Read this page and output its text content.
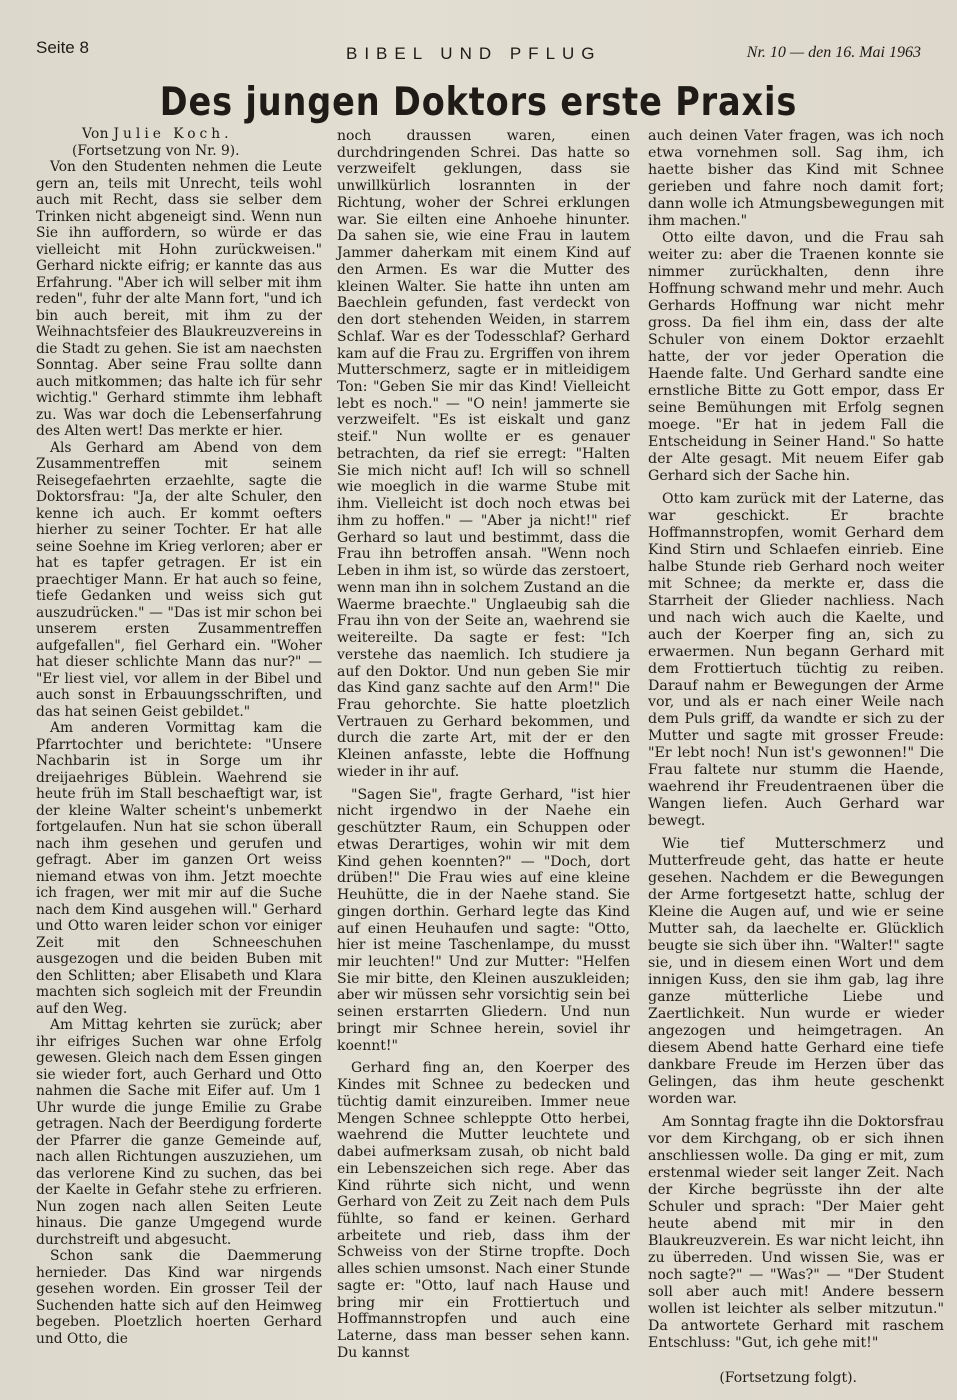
Seite 8	BIBEL UND PFLUG	Nr. 10 — den 16. Mai 1963
Des jungen Doktors erste Praxis
Von Julie Koch.
(Fortsetzung von Nr. 9).

Von den Studenten nehmen die Leute gern an, teils mit Unrecht, teils wohl auch mit Recht, dass sie selber dem Trinken nicht abgeneigt sind. Wenn nun Sie ihn auffordern, so würde er das vielleicht mit Hohn zurückweisen." Gerhard nickte eifrig; er kannte das aus Erfahrung. "Aber ich will selber mit ihm reden", fuhr der alte Mann fort, "und ich bin auch bereit, mit ihm zu der Weihnachtsfeier des Blaukreuzvereins in die Stadt zu gehen. Sie ist am naechsten Sonntag. Aber seine Frau sollte dann auch mitkommen; das halte ich für sehr wichtig." Gerhard stimmte ihm lebhaft zu. Was war doch die Lebenserfahrung des Alten wert! Das merkte er hier.

Als Gerhard am Abend von dem Zusammentreffen mit seinem Reisegefaehrten erzaehlte, sagte die Doktorsfrau: "Ja, der alte Schuler, den kenne ich auch. Er kommt oefters hierher zu seiner Tochter. Er hat alle seine Soehne im Krieg verloren; aber er hat es tapfer getragen. Er ist ein praechtiger Mann. Er hat auch so feine, tiefe Gedanken und weiss sich gut auszudrücken." — "Das ist mir schon bei unserem ersten Zusammentreffen aufgefallen", fiel Gerhard ein. "Woher hat dieser schlichte Mann das nur?" — "Er liest viel, vor allem in der Bibel und auch sonst in Erbauungsschriften, und das hat seinen Geist gebildet."

Am anderen Vormittag kam die Pfarrtochter und berichtete: "Unsere Nachbarin ist in Sorge um ihr dreijaehriges Büblein. Waehrend sie heute früh im Stall beschaeftigt war, ist der kleine Walter scheint's unbemerkt fortgelaufen. Nun hat sie schon überall nach ihm gesehen und gerufen und gefragt. Aber im ganzen Ort weiss niemand etwas von ihm. Jetzt moechte ich fragen, wer mit mir auf die Suche nach dem Kind ausgehen will." Gerhard und Otto waren leider schon vor einiger Zeit mit den Schneeschuhen ausgezogen und die beiden Buben mit den Schlitten; aber Elisabeth und Klara machten sich sogleich mit der Freundin auf den Weg.

Am Mittag kehrten sie zurück; aber ihr eifriges Suchen war ohne Erfolg gewesen. Gleich nach dem Essen gingen sie wieder fort, auch Gerhard und Otto nahmen die Sache mit Eifer auf. Um 1 Uhr wurde die junge Emilie zu Grabe getragen. Nach der Beerdigung forderte der Pfarrer die ganze Gemeinde auf, nach allen Richtungen auszuziehen, um das verlorene Kind zu suchen, das bei der Kaelte in Gefahr stehe zu erfrieren. Nun zogen nach allen Seiten Leute hinaus. Die ganze Umgegend wurde durchstreift und abgesucht.

Schon sank die Daemmerung hernieder. Das Kind war nirgends gesehen worden. Ein grosser Teil der Suchenden hatte sich auf den Heimweg begeben. Ploetzlich hoerten Gerhard und Otto, die

noch draussen waren, einen durchdringenden Schrei. Das hatte so verzweifelt geklungen, dass sie unwillkürlich losrannten in der Richtung, woher der Schrei erklungen war. Sie eilten eine Anhoehe hinunter. Da sahen sie, wie eine Frau in lautem Jammer daherkam mit einem Kind auf den Armen. Es war die Mutter des kleinen Walter. Sie hatte ihn unten am Baechlein gefunden, fast verdeckt von den dort stehenden Weiden, in starrem Schlaf. War es der Todesschlaf? Gerhard kam auf die Frau zu. Ergriffen von ihrem Mutterschmerz, sagte er in mitleidigem Ton: "Geben Sie mir das Kind! Vielleicht lebt es noch." — "O nein! jammerte sie verzweifelt. "Es ist eiskalt und ganz steif." Nun wollte er es genauer betrachten, da rief sie erregt: "Halten Sie mich nicht auf! Ich will so schnell wie moeglich in die warme Stube mit ihm. Vielleicht ist doch noch etwas bei ihm zu hoffen." — "Aber ja nicht!" rief Gerhard so laut und bestimmt, dass die Frau ihn betroffen ansah. "Wenn noch Leben in ihm ist, so würde das zerstoert, wenn man ihn in solchem Zustand an die Waerme braechte." Unglaeubig sah die Frau ihn von der Seite an, waehrend sie weitereilte. Da sagte er fest: "Ich verstehe das naemlich. Ich studiere ja auf den Doktor. Und nun geben Sie mir das Kind ganz sachte auf den Arm!" Die Frau gehorchte. Sie hatte ploetzlich Vertrauen zu Gerhard bekommen, und durch die zarte Art, mit der er den Kleinen anfasste, lebte die Hoffnung wieder in ihr auf.

"Sagen Sie", fragte Gerhard, "ist hier nicht irgendwo in der Naehe ein geschützter Raum, ein Schuppen oder etwas Derartiges, wohin wir mit dem Kind gehen koennten?" — "Doch, dort drüben!" Die Frau wies auf eine kleine Heuhütte, die in der Naehe stand. Sie gingen dorthin. Gerhard legte das Kind auf einen Heuhaufen und sagte: "Otto, hier ist meine Taschenlampe, du musst mir leuchten!" Und zur Mutter: "Helfen Sie mir bitte, den Kleinen auszukleiden; aber wir müssen sehr vorsichtig sein bei seinen erstarrten Gliedern. Und nun bringt mir Schnee herein, soviel ihr koennt!"

Gerhard fing an, den Koerper des Kindes mit Schnee zu bedecken und tüchtig damit einzureiben. Immer neue Mengen Schnee schleppte Otto herbei, waehrend die Mutter leuchtete und dabei aufmerksam zusah, ob nicht bald ein Lebenszeichen sich rege. Aber das Kind rührte sich nicht, und wenn Gerhard von Zeit zu Zeit nach dem Puls fühlte, so fand er keinen. Gerhard arbeitete und rieb, dass ihm der Schweiss von der Stirne tropfte. Doch alles schien umsonst. Nach einer Stunde sagte er: "Otto, lauf nach Hause und bring mir ein Frottiertuch und Hoffmannstropfen und auch eine Laterne, dass man besser sehen kann. Du kannst

auch deinen Vater fragen, was ich noch etwa vornehmen soll. Sag ihm, ich haette bisher das Kind mit Schnee gerieben und fahre noch damit fort; dann wolle ich Atmungsbewegungen mit ihm machen."

Otto eilte davon, und die Frau sah weiter zu: aber die Traenen konnte sie nimmer zurückhalten, denn ihre Hoffnung schwand mehr und mehr. Auch Gerhards Hoffnung war nicht mehr gross. Da fiel ihm ein, dass der alte Schuler von einem Doktor erzaehlt hatte, der vor jeder Operation die Haende falte. Und Gerhard sandte eine ernstliche Bitte zu Gott empor, dass Er seine Bemühungen mit Erfolg segnen moege. "Er hat in jedem Fall die Entscheidung in Seiner Hand." So hatte der Alte gesagt. Mit neuem Eifer gab Gerhard sich der Sache hin.

Otto kam zurück mit der Laterne, das war geschickt. Er brachte Hoffmannstropfen, womit Gerhard dem Kind Stirn und Schlaefen einrieb. Eine halbe Stunde rieb Gerhard noch weiter mit Schnee; da merkte er, dass die Starrheit der Glieder nachliess. Nach und nach wich auch die Kaelte, und auch der Koerper fing an, sich zu erwaermen. Nun begann Gerhard mit dem Frottiertuch tüchtig zu reiben. Darauf nahm er Bewegungen der Arme vor, und als er nach einer Weile nach dem Puls griff, da wandte er sich zu der Mutter und sagte mit grosser Freude: "Er lebt noch! Nun ist's gewonnen!" Die Frau faltete nur stumm die Haende, waehrend ihr Freudentraenen über die Wangen liefen. Auch Gerhard war bewegt.

Wie tief Mutterschmerz und Mutterfreude geht, das hatte er heute gesehen. Nachdem er die Bewegungen der Arme fortgesetzt hatte, schlug der Kleine die Augen auf, und wie er seine Mutter sah, da laechelte er. Glücklich beugte sie sich über ihn. "Walter!" sagte sie, und in diesem einen Wort und dem innigen Kuss, den sie ihm gab, lag ihre ganze mütterliche Liebe und Zaertlichkeit. Nun wurde er wieder angezogen und heimgetragen. An diesem Abend hatte Gerhard eine tiefe dankbare Freude im Herzen über das Gelingen, das ihm heute geschenkt worden war.

Am Sonntag fragte ihn die Doktorsfrau vor dem Kirchgang, ob er sich ihnen anschliessen wolle. Da ging er mit, zum erstenmal wieder seit langer Zeit. Nach der Kirche begrüsste ihn der alte Schuler und sprach: "Der Maier geht heute abend mit mir in den Blaukreuzverein. Es war nicht leicht, ihn zu überreden. Und wissen Sie, was er noch sagte?" — "Was?" — "Der Student soll aber auch mit! Andere bessern wollen ist leichter als selber mitzutun." Da antwortete Gerhard mit raschem Entschluss: "Gut, ich gehe mit!"

(Fortsetzung folgt).
